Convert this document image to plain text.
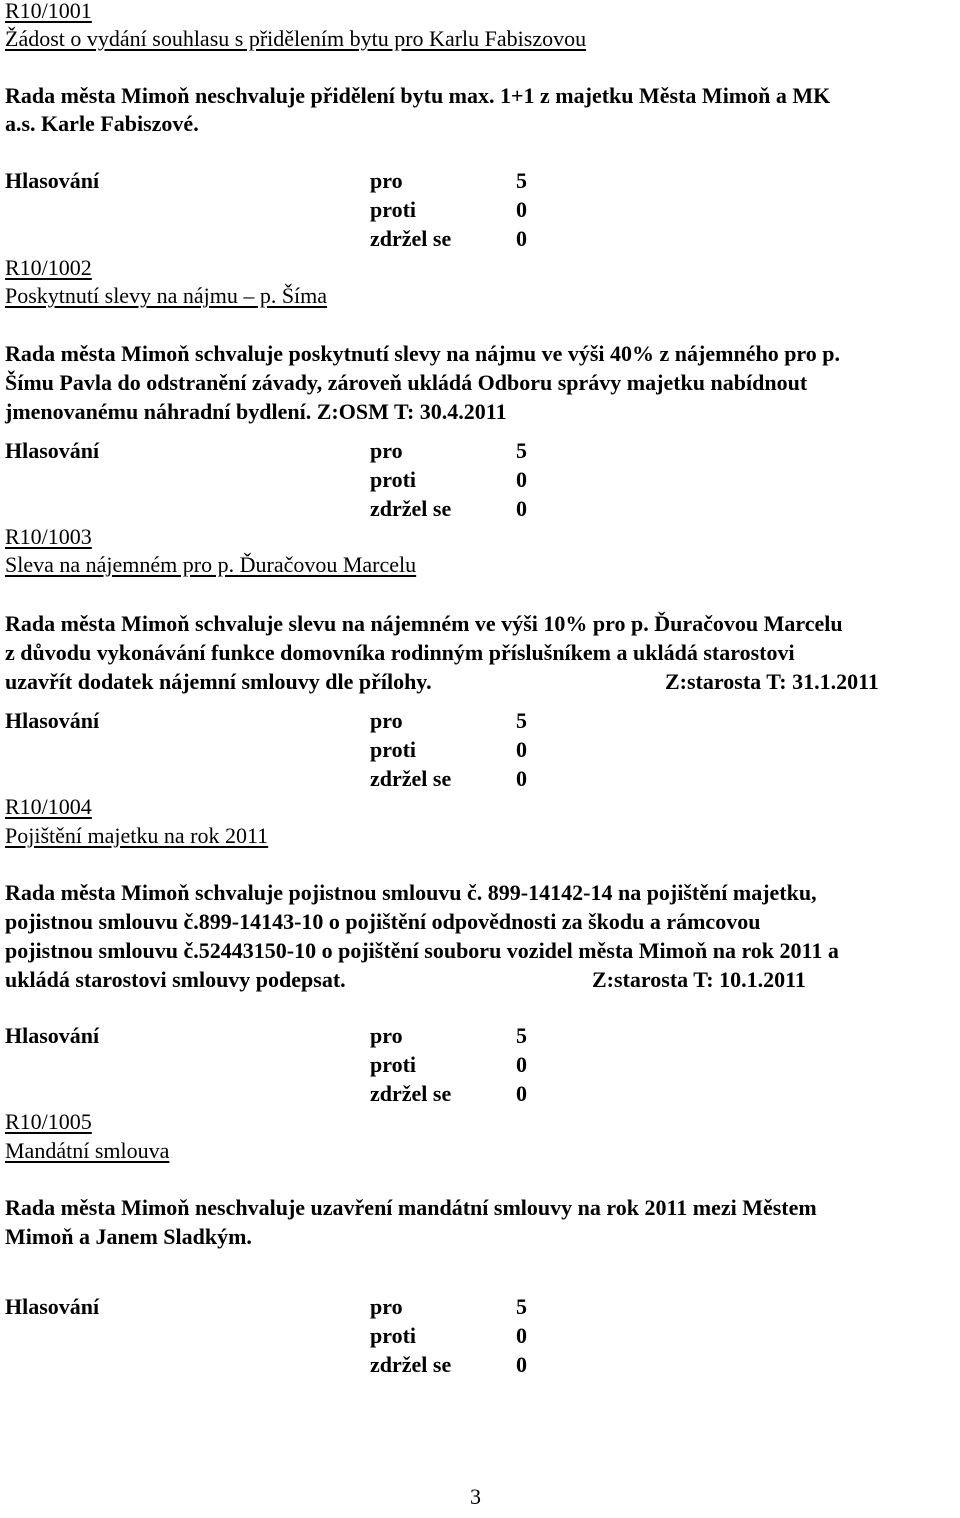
R10/1001
Žádost o vydání souhlasu s přidělením bytu pro Karlu Fabiszovou
Rada města Mimoň neschvaluje přidělení bytu max. 1+1 z majetku Města Mimoň a MK
a.s. Karle Fabiszové.
Hlasování	pro	5
proti	0
zdržel se	0
R10/1002
Poskytnutí slevy na nájmu – p. Šíma
Rada města Mimoň schvaluje poskytnutí slevy na nájmu ve výši 40% z nájemného pro p.
Šímu Pavla do odstranění závady, zároveň ukládá Odboru správy majetku nabídnout
jmenovanému náhradní bydlení. Z:OSM T: 30.4.2011
Hlasování	pro	5
proti	0
zdržel se	0
R10/1003
Sleva na nájemném pro p. Ďuračovou Marcelu
Rada města Mimoň schvaluje slevu na nájemném ve výši 10% pro p. Ďuračovou Marcelu
z důvodu vykonávání funkce domovníka rodinným příslušníkem a ukládá starostovi
uzavřít dodatek nájemní smlouvy dle přílohy.	Z:starosta T: 31.1.2011
Hlasování	pro	5
proti	0
zdržel se	0
R10/1004
Pojištění majetku na rok 2011
Rada města Mimoň schvaluje pojistnou smlouvu č. 899-14142-14 na pojištění majetku,
pojistnou smlouvu č.899-14143-10 o pojištění odpovědnosti za škodu a rámcovou
pojistnou smlouvu č.52443150-10 o pojištění souboru vozidel města Mimoň na rok 2011 a
ukládá starostovi smlouvy podepsat.	Z:starosta T: 10.1.2011
Hlasování	pro	5
proti	0
zdržel se	0
R10/1005
Mandátní smlouva
Rada města Mimoň neschvaluje uzavření mandátní smlouvy na rok 2011 mezi Městem
Mimoň a Janem Sladkým.
Hlasování	pro	5
proti	0
zdržel se	0
3
